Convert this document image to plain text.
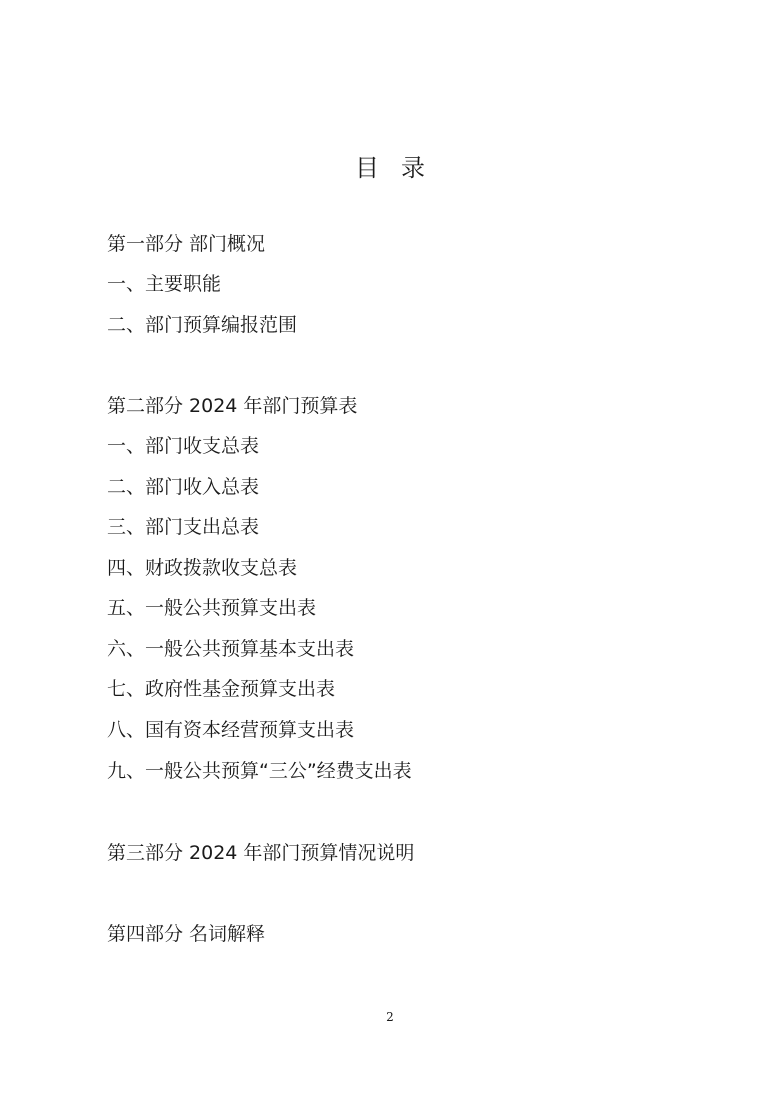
目 录
第一部分 部门概况
一、主要职能
二、部门预算编报范围
第二部分 2024 年部门预算表
一、部门收支总表
二、部门收入总表
三、部门支出总表
四、财政拨款收支总表
五、一般公共预算支出表
六、一般公共预算基本支出表
七、政府性基金预算支出表
八、国有资本经营预算支出表
九、一般公共预算“三公”经费支出表
第三部分 2024 年部门预算情况说明
第四部分 名词解释
2
